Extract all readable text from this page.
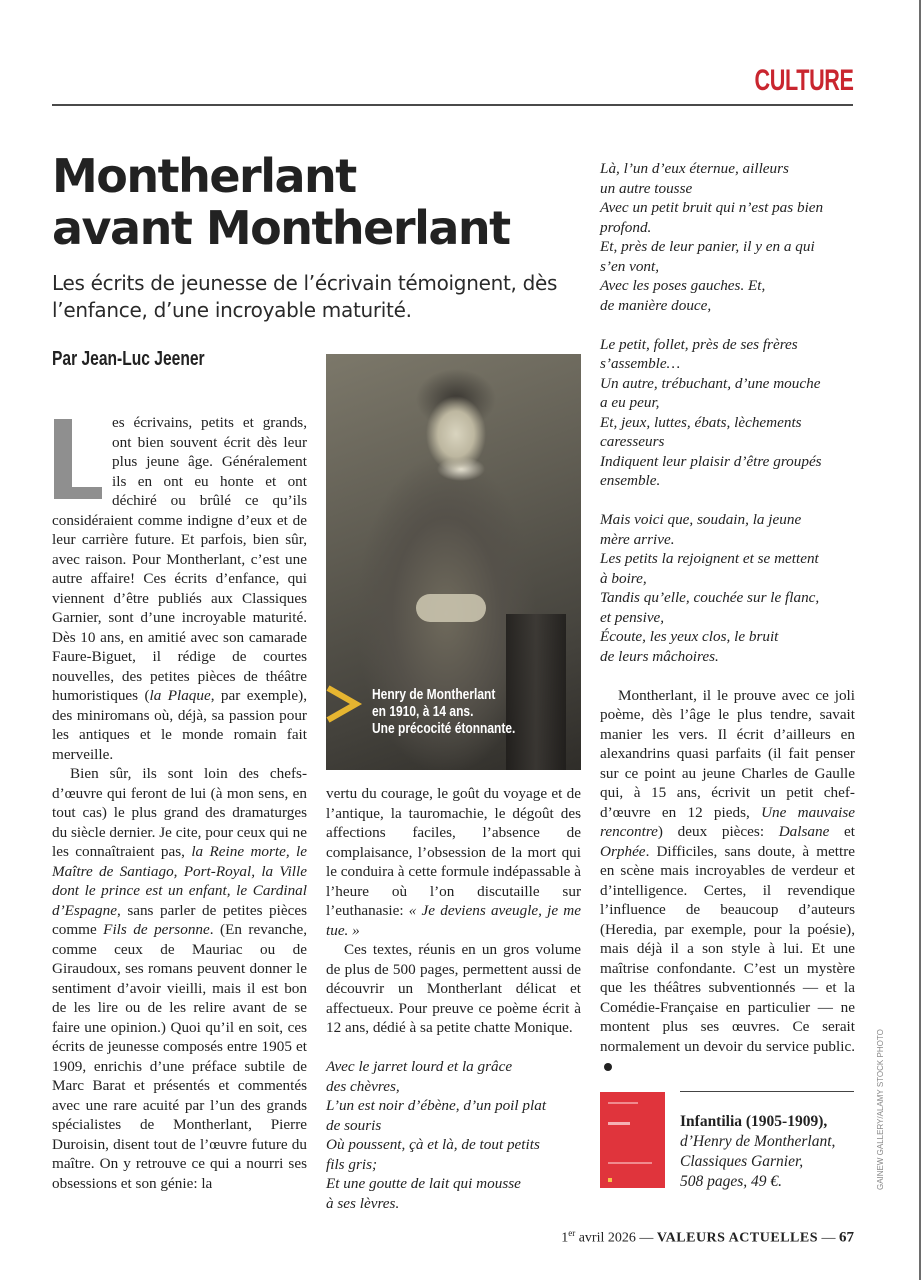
CULTURE
Montherlant
avant Montherlant

Les écrits de jeunesse de l’écrivain témoignent, dès l’enfance, d’une incroyable maturité.

Par Jean-Luc Jeener

es écrivains, petits et grands, ont bien souvent écrit dès leur plus jeune âge. Généralement ils en ont eu honte et ont déchiré ou brûlé ce qu’ils considéraient comme indigne d’eux et de leur carrière future. Et parfois, bien sûr, avec raison. Pour Montherlant, c’est une autre affaire! Ces écrits d’enfance, qui viennent d’être publiés aux Classiques Garnier, sont d’une incroyable maturité. Dès 10 ans, en amitié avec son camarade Faure-Biguet, il rédige de courtes nouvelles, des petites pièces de théâtre humoristiques (la Plaque, par exemple), des miniromans où, déjà, sa passion pour les antiques et le monde romain fait merveille.

Bien sûr, ils sont loin des chefs-d’œuvre qui feront de lui (à mon sens, en tout cas) le plus grand des dramaturges du siècle dernier. Je cite, pour ceux qui ne les connaîtraient pas, la Reine morte, le Maître de Santiago, Port-Royal, la Ville dont le prince est un enfant, le Cardinal d’Espagne, sans parler de petites pièces comme Fils de personne. (En revanche, comme ceux de Mauriac ou de Giraudoux, ses romans peuvent donner le sentiment d’avoir vieilli, mais il est bon de les lire ou de les relire avant de se faire une opinion.) Quoi qu’il en soit, ces écrits de jeunesse composés entre 1905 et 1909, enrichis d’une préface subtile de Marc Barat et présentés et commentés avec une rare acuité par l’un des grands spécialistes de Montherlant, Pierre Duroisin, disent tout de l’œuvre future du maître. On y retrouve ce qui a nourri ses obsessions et son génie: la

Henry de Montherlant
en 1910, à 14 ans.
Une précocité étonnante.

vertu du courage, le goût du voyage et de l’antique, la tauromachie, le dégoût des affections faciles, l’absence de complaisance, l’obsession de la mort qui le conduira à cette formule indépassable à l’heure où l’on discutaille sur l’euthanasie: « Je deviens aveugle, je me tue. »

Ces textes, réunis en un gros volume de plus de 500 pages, permettent aussi de découvrir un Montherlant délicat et affectueux. Pour preuve ce poème écrit à 12 ans, dédié à sa petite chatte Monique.

Avec le jarret lourd et la grâce
des chèvres,
L’un est noir d’ébène, d’un poil plat
de souris
Où poussent, çà et là, de tout petits
fils gris;
Et une goutte de lait qui mousse
à ses lèvres.
Là, l’un d’eux éternue, ailleurs
un autre tousse
Avec un petit bruit qui n’est pas bien
profond.
Et, près de leur panier, il y en a qui
s’en vont,
Avec les poses gauches. Et,
de manière douce,
Le petit, follet, près de ses frères
s’assemble…
Un autre, trébuchant, d’une mouche
a eu peur,
Et, jeux, luttes, ébats, lèchements
caresseurs
Indiquent leur plaisir d’être groupés
ensemble.
Mais voici que, soudain, la jeune
mère arrive.
Les petits la rejoignent et se mettent
à boire,
Tandis qu’elle, couchée sur le flanc,
et pensive,
Écoute, les yeux clos, le bruit
de leurs mâchoires.

Montherlant, il le prouve avec ce joli poème, dès l’âge le plus tendre, savait manier les vers. Il écrit d’ailleurs en alexandrins quasi parfaits (il fait penser sur ce point au jeune Charles de Gaulle qui, à 15 ans, écrivit un petit chef-d’œuvre en 12 pieds, Une mauvaise rencontre) deux pièces: Dalsane et Orphée. Difficiles, sans doute, à mettre en scène mais incroyables de verdeur et d’intelligence. Certes, il revendique l’influence de beaucoup d’auteurs (Heredia, par exemple, pour la poésie), mais déjà il a son style à lui. Et une maîtrise confondante. C’est un mystère que les théâtres subventionnés — et la Comédie-Française en particulier — ne montent plus ses œuvres. Ce serait normalement un devoir du service public.

Infantilia (1905-1909),
d’Henry de Montherlant,
Classiques Garnier,
508 pages, 49 €.	GAINEW GALLERY/ALAMY STOCK PHOTO
1er avril 2026 — VALEURS ACTUELLES — 67
